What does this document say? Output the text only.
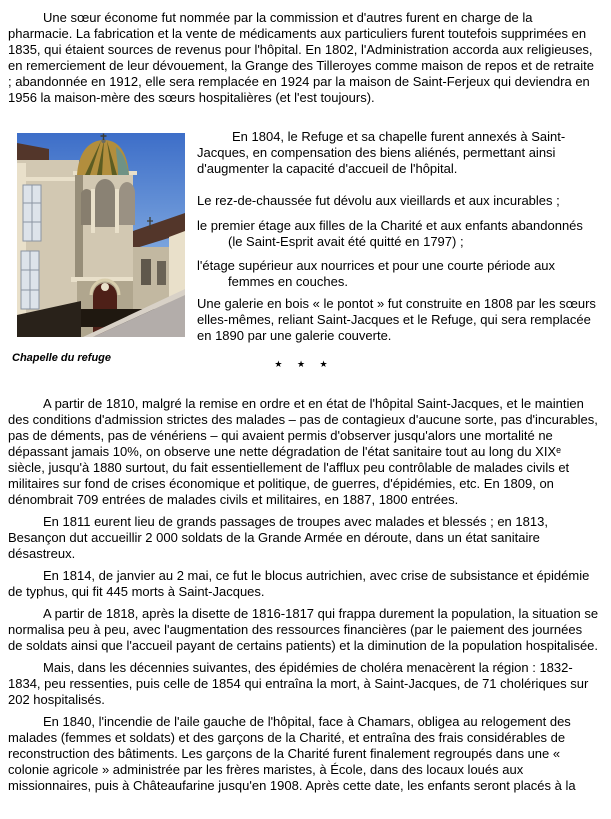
Une sœur économe fut nommée par la commission et d'autres furent en charge de la pharmacie. La fabrication et la vente de médicaments aux particuliers furent toutefois supprimées en 1835, qui étaient sources de revenus pour l'hôpital. En 1802, l'Administration accorda aux religieuses, en remerciement de leur dévouement, la Grange des Tilleroyes comme maison de repos et de retraite ; abandonnée en 1912, elle sera remplacée en 1924 par la maison de Saint-Ferjeux qui deviendra en 1956 la maison-mère des sœurs hospitalières (et l'est toujours).

Chapelle du refuge

En 1804, le Refuge et sa chapelle furent annexés à Saint-Jacques, en compensation des biens aliénés, permettant ainsi d'augmenter la capacité d'accueil de l'hôpital.

Le rez-de-chaussée fut dévolu aux vieillards et aux incurables ;

le premier étage aux filles de la Charité et aux enfants abandonnés (le Saint-Esprit avait été quitté en 1797) ;

l'étage supérieur aux nourrices et pour une courte période aux femmes en couches.

Une galerie en bois « le pontot » fut construite en 1808 par les sœurs elles-mêmes, reliant Saint-Jacques et le Refuge, qui sera remplacée en 1890 par une galerie couverte.

★ ★ ★

A partir de 1810, malgré la remise en ordre et en état de l'hôpital Saint-Jacques, et le maintien des conditions d'admission strictes des malades – pas de contagieux d'aucune sorte, pas d'incurables, pas de déments, pas de vénériens – qui avaient permis d'observer jusqu'alors une mortalité ne dépassant jamais 10%, on observe une nette dégradation de l'état sanitaire tout au long du XIXᵉ siècle, jusqu'à 1880 surtout, du fait essentiellement de l'afflux peu contrôlable de malades civils et militaires sur fond de crises économique et politique, de guerres, d'épidémies, etc. En 1809, on dénombrait 709 entrées de malades civils et militaires, en 1887, 1800 entrées.

En 1811 eurent lieu de grands passages de troupes avec malades et blessés ; en 1813, Besançon dut accueillir 2 000 soldats de la Grande Armée en déroute, dans un état sanitaire désastreux.

En 1814, de janvier au 2 mai, ce fut le blocus autrichien, avec crise de subsistance et épidémie de typhus, qui fit 445 morts à Saint-Jacques.

A partir de 1818, après la disette de 1816-1817 qui frappa durement la population, la situation se normalisa peu à peu, avec l'augmentation des ressources financières (par le paiement des journées de soldats ainsi que l'accueil payant de certains patients) et la diminution de la population hospitalisée.

Mais, dans les décennies suivantes, des épidémies de choléra menacèrent la région : 1832-1834, peu ressenties, puis celle de 1854 qui entraîna la mort, à Saint-Jacques, de 71 cholériques sur 202 hospitalisés.

En 1840, l'incendie de l'aile gauche de l'hôpital, face à Chamars, obligea au relogement des malades (femmes et soldats) et des garçons de la Charité, et entraîna des frais considérables de reconstruction des bâtiments. Les garçons de la Charité furent finalement regroupés dans une « colonie agricole » administrée par les frères maristes, à École, dans des locaux loués aux missionnaires, puis à Châteaufarine jusqu'en 1908. Après cette date, les enfants seront placés à la
